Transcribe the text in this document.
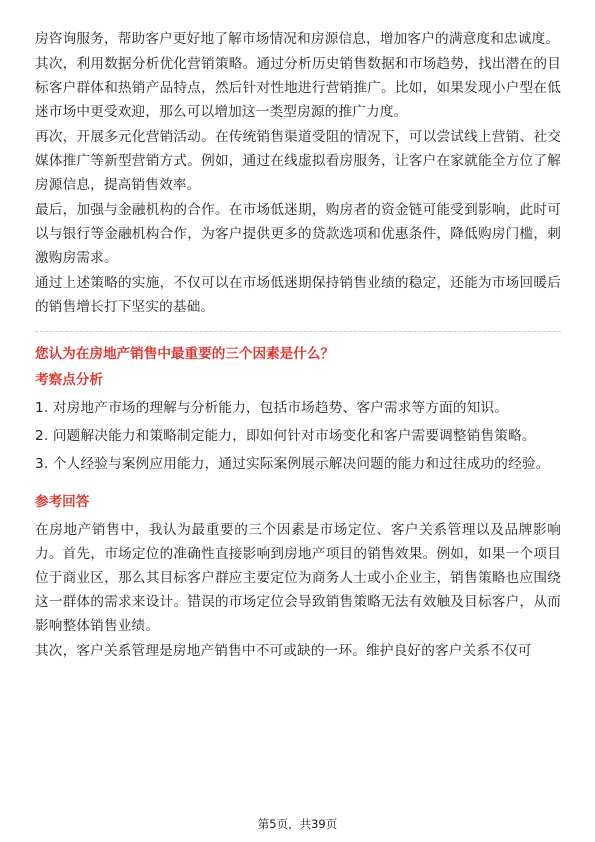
房咨询服务，帮助客户更好地了解市场情况和房源信息，增加客户的满意度和忠诚度。

其次，利用数据分析优化营销策略。通过分析历史销售数据和市场趋势，找出潜在的目标客户群体和热销产品特点，然后针对性地进行营销推广。比如，如果发现小户型在低迷市场中更受欢迎，那么可以增加这一类型房源的推广力度。

再次，开展多元化营销活动。在传统销售渠道受阻的情况下，可以尝试线上营销、社交媒体推广等新型营销方式。例如，通过在线虚拟看房服务，让客户在家就能全方位了解房源信息，提高销售效率。

最后，加强与金融机构的合作。在市场低迷期，购房者的资金链可能受到影响，此时可以与银行等金融机构合作，为客户提供更多的贷款选项和优惠条件，降低购房门槛，刺激购房需求。

通过上述策略的实施，不仅可以在市场低迷期保持销售业绩的稳定，还能为市场回暖后的销售增长打下坚实的基础。

您认为在房地产销售中最重要的三个因素是什么？

考察点分析

1. 对房地产市场的理解与分析能力，包括市场趋势、客户需求等方面的知识。

2. 问题解决能力和策略制定能力，即如何针对市场变化和客户需要调整销售策略。

3. 个人经验与案例应用能力，通过实际案例展示解决问题的能力和过往成功的经验。

参考回答

在房地产销售中，我认为最重要的三个因素是市场定位、客户关系管理以及品牌影响力。首先，市场定位的准确性直接影响到房地产项目的销售效果。例如，如果一个项目位于商业区，那么其目标客户群应主要定位为商务人士或小企业主，销售策略也应围绕这一群体的需求来设计。错误的市场定位会导致销售策略无法有效触及目标客户，从而影响整体销售业绩。

其次，客户关系管理是房地产销售中不可或缺的一环。维护良好的客户关系不仅可

第5页，共39页
